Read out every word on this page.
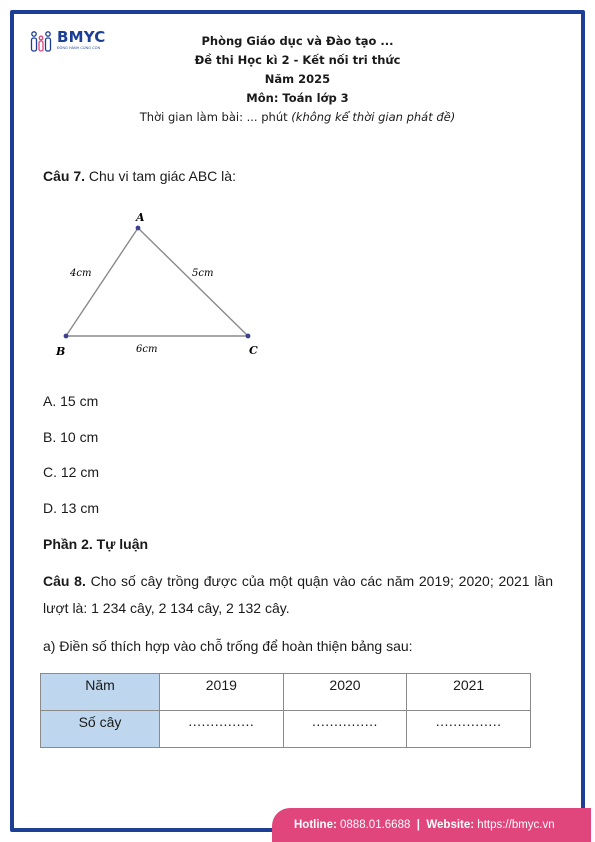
BMYC
ĐỒNG HÀNH CÙNG CON	Phòng Giáo dục và Đào tạo ...
Đề thi Học kì 2 - Kết nối tri thức
Năm 2025
Môn: Toán lớp 3
Thời gian làm bài: ... phút (không kể thời gian phát đề)
Câu 7. Chu vi tam giác ABC là:
A
B	C
4cm	5cm
6cm
A. 15 cm
B. 10 cm
C. 12 cm
D. 13 cm
Phần 2. Tự luận
Câu 8. Cho số cây trồng được của một quận vào các năm 2019; 2020; 2021 lần lượt là: 1 234 cây, 2 134 cây, 2 132 cây.
a) Điền số thích hợp vào chỗ trống để hoàn thiện bảng sau:
Năm	2019	2020	2021
Số cây	...............	...............	...............
Hotline: 0888.01.6688 | Website: https://bmyc.vn
